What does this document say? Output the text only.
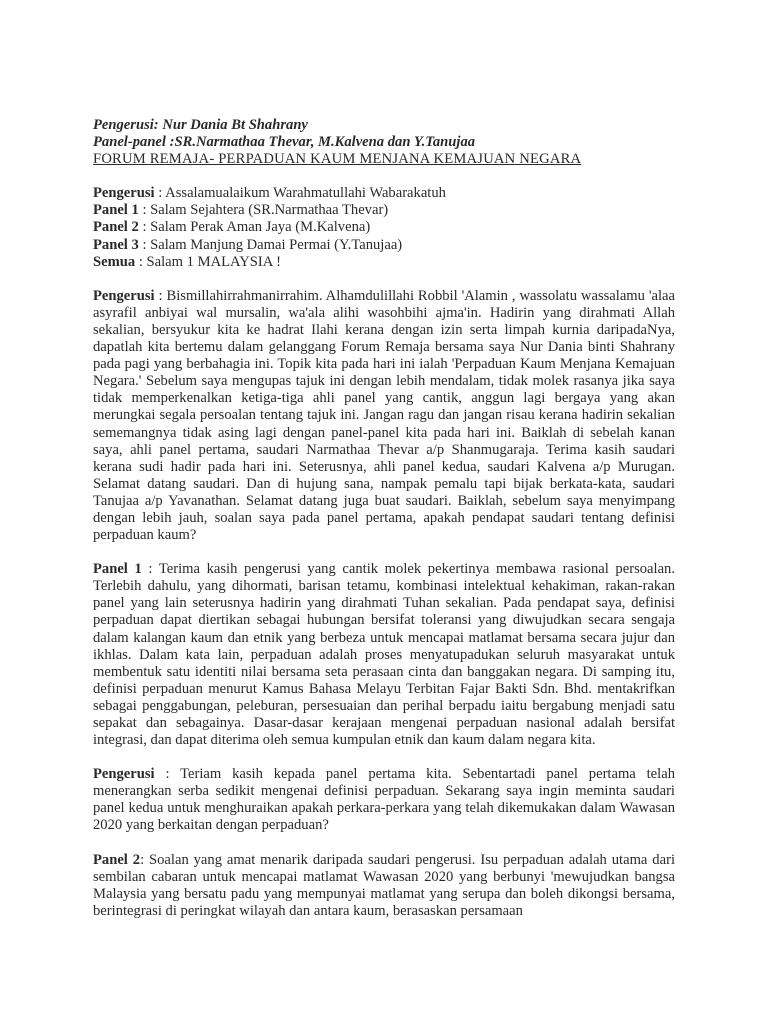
Pengerusi: Nur Dania Bt Shahrany
Panel-panel :SR.Narmathaa Thevar, M.Kalvena dan Y.Tanujaa
FORUM REMAJA- PERPADUAN KAUM MENJANA KEMAJUAN NEGARA
Pengerusi : Assalamualaikum Warahmatullahi Wabarakatuh
Panel 1 : Salam Sejahtera (SR.Narmathaa Thevar)
Panel 2 : Salam Perak Aman Jaya (M.Kalvena)
Panel 3 : Salam Manjung Damai Permai (Y.Tanujaa)
Semua : Salam 1 MALAYSIA !

Pengerusi : Bismillahirrahmanirrahim. Alhamdulillahi Robbil 'Alamin , wassolatu wassalamu 'alaa asyrafil anbiyai wal mursalin, wa'ala alihi wasohbihi ajma'in. Hadirin yang dirahmati Allah sekalian, bersyukur kita ke hadrat Ilahi kerana dengan izin serta limpah kurnia daripadaNya, dapatlah kita bertemu dalam gelanggang Forum Remaja bersama saya Nur Dania binti Shahrany pada pagi yang berbahagia ini. Topik kita pada hari ini ialah 'Perpaduan Kaum Menjana Kemajuan Negara.' Sebelum saya mengupas tajuk ini dengan lebih mendalam, tidak molek rasanya jika saya tidak memperkenalkan ketiga-tiga ahli panel yang cantik, anggun lagi bergaya yang akan merungkai segala persoalan tentang tajuk ini. Jangan ragu dan jangan risau kerana hadirin sekalian sememangnya tidak asing lagi dengan panel-panel kita pada hari ini. Baiklah di sebelah kanan saya, ahli panel pertama, saudari Narmathaa Thevar a/p Shanmugaraja. Terima kasih saudari kerana sudi hadir pada hari ini. Seterusnya, ahli panel kedua, saudari Kalvena a/p Murugan. Selamat datang saudari. Dan di hujung sana, nampak pemalu tapi bijak berkata-kata, saudari Tanujaa a/p Yavanathan. Selamat datang juga buat saudari. Baiklah, sebelum saya menyimpang dengan lebih jauh, soalan saya pada panel pertama, apakah pendapat saudari tentang definisi perpaduan kaum?

Panel 1 : Terima kasih pengerusi yang cantik molek pekertinya membawa rasional persoalan. Terlebih dahulu, yang dihormati, barisan tetamu, kombinasi intelektual kehakiman, rakan-rakan panel yang lain seterusnya hadirin yang dirahmati Tuhan sekalian. Pada pendapat saya, definisi perpaduan dapat diertikan sebagai hubungan bersifat toleransi yang diwujudkan secara sengaja dalam kalangan kaum dan etnik yang berbeza untuk mencapai matlamat bersama secara jujur dan ikhlas. Dalam kata lain, perpaduan adalah proses menyatupadukan seluruh masyarakat untuk membentuk satu identiti nilai bersama seta perasaan cinta dan banggakan negara. Di samping itu, definisi perpaduan menurut Kamus Bahasa Melayu Terbitan Fajar Bakti Sdn. Bhd. mentakrifkan sebagai penggabungan, peleburan, persesuaian dan perihal berpadu iaitu bergabung menjadi satu sepakat dan sebagainya. Dasar-dasar kerajaan mengenai perpaduan nasional adalah bersifat integrasi, dan dapat diterima oleh semua kumpulan etnik dan kaum dalam negara kita.

Pengerusi : Teriam kasih kepada panel pertama kita. Sebentartadi panel pertama telah menerangkan serba sedikit mengenai definisi perpaduan. Sekarang saya ingin meminta saudari panel kedua untuk menghuraikan apakah perkara-perkara yang telah dikemukakan dalam Wawasan 2020 yang berkaitan dengan perpaduan?

Panel 2: Soalan yang amat menarik daripada saudari pengerusi. Isu perpaduan adalah utama dari sembilan cabaran untuk mencapai matlamat Wawasan 2020 yang berbunyi 'mewujudkan bangsa Malaysia yang bersatu padu yang mempunyai matlamat yang serupa dan boleh dikongsi bersama, berintegrasi di peringkat wilayah dan antara kaum, berasaskan persamaan
